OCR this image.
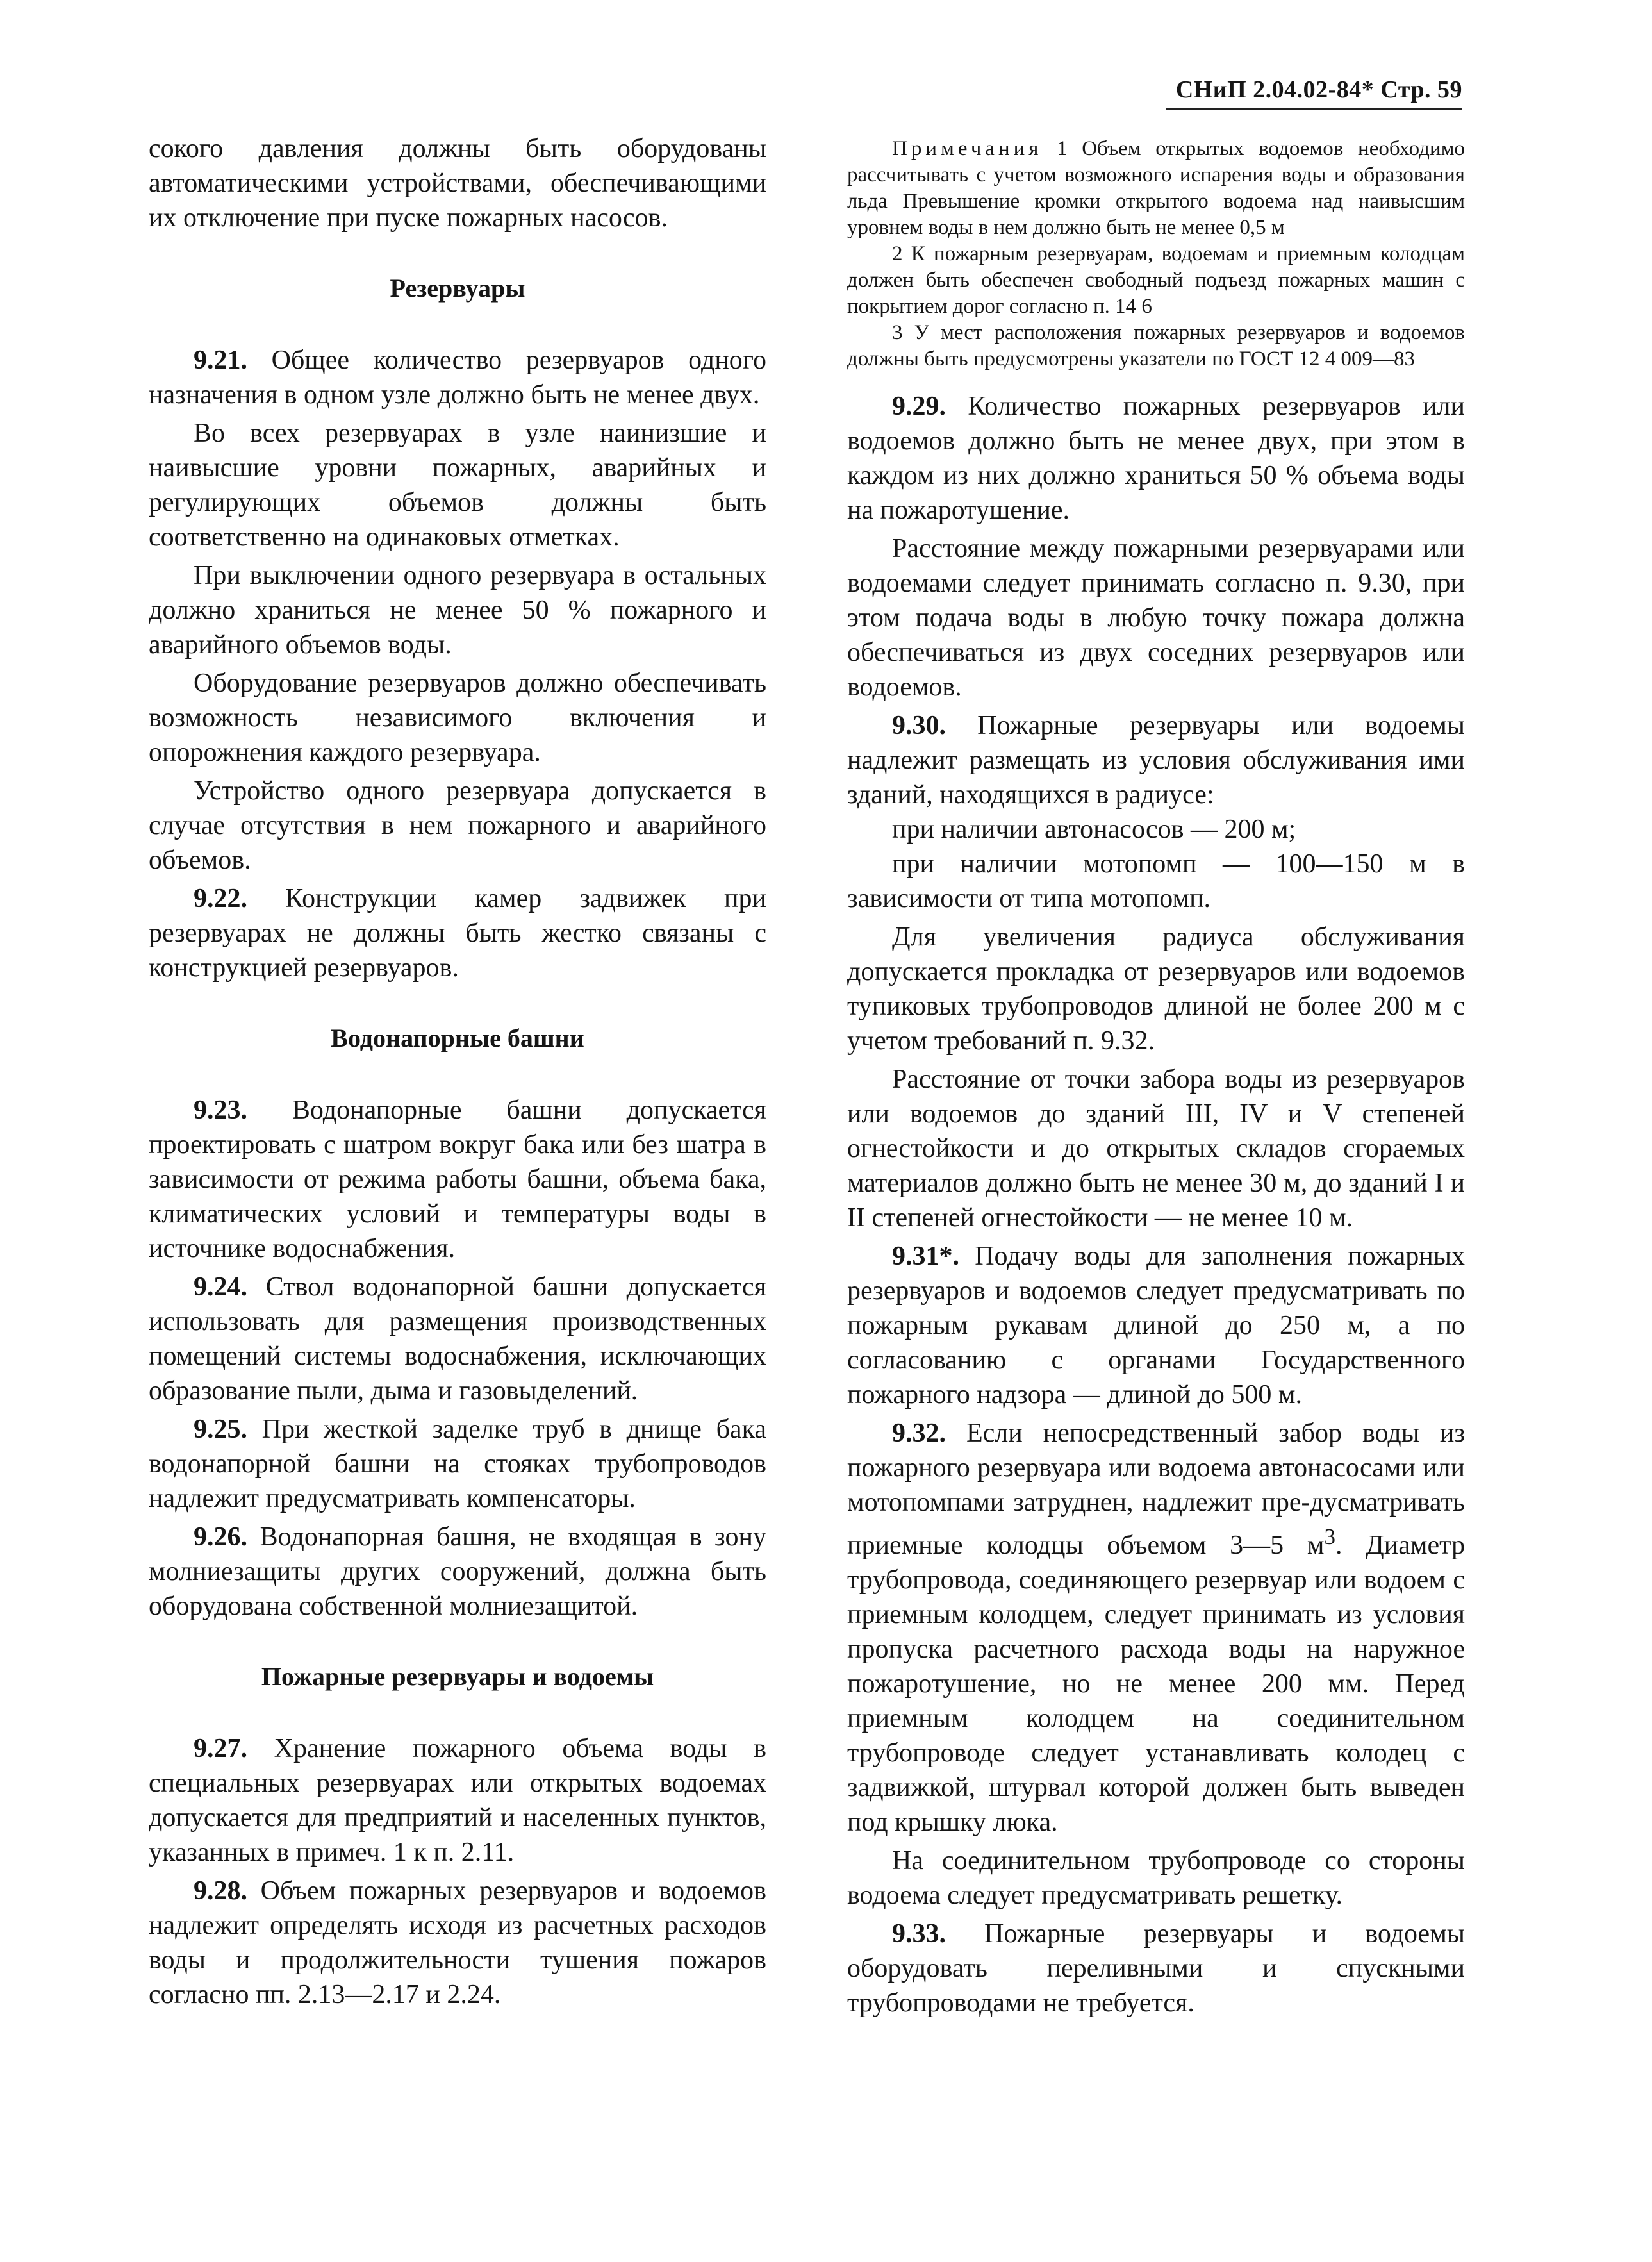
СНиП 2.04.02-84* Стр. 59

сокого давления должны быть оборудованы автоматическими устройствами, обеспечивающими их отключение при пуске пожарных насосов.

Резервуары

9.21. Общее количество резервуаров одного назначения в одном узле должно быть не менее двух.

Во всех резервуарах в узле наинизшие и наивысшие уровни пожарных, аварийных и регулирующих объемов должны быть соответственно на одинаковых отметках.

При выключении одного резервуара в остальных должно храниться не менее 50 % пожарного и аварийного объемов воды.

Оборудование резервуаров должно обеспечивать возможность независимого включения и опорожнения каждого резервуара.

Устройство одного резервуара допускается в случае отсутствия в нем пожарного и аварийного объемов.

9.22. Конструкции камер задвижек при резервуарах не должны быть жестко связаны с конструкцией резервуаров.

Водонапорные башни

9.23. Водонапорные башни допускается проектировать с шатром вокруг бака или без шатра в зависимости от режима работы башни, объема бака, климатических условий и температуры воды в источнике водоснабжения.

9.24. Ствол водонапорной башни допускается использовать для размещения производственных помещений системы водоснабжения, исключающих образование пыли, дыма и газовыделений.

9.25. При жесткой заделке труб в днище бака водонапорной башни на стояках трубопроводов надлежит предусматривать компенсаторы.

9.26. Водонапорная башня, не входящая в зону молниезащиты других сооружений, должна быть оборудована собственной молниезащитой.

Пожарные резервуары и водоемы

9.27. Хранение пожарного объема воды в специальных резервуарах или открытых водоемах допускается для предприятий и населенных пунктов, указанных в примеч. 1 к п. 2.11.

9.28. Объем пожарных резервуаров и водоемов надлежит определять исходя из расчетных расходов воды и продолжительности тушения пожаров согласно пп. 2.13—2.17 и 2.24.

Примечания 1 Объем открытых водоемов необходимо рассчитывать с учетом возможного испарения воды и образования льда Превышение кромки открытого водоема над наивысшим уровнем воды в нем должно быть не менее 0,5 м

2 К пожарным резервуарам, водоемам и приемным колодцам должен быть обеспечен свободный подъезд пожарных машин с покрытием дорог согласно п. 14 6

3 У мест расположения пожарных резервуаров и водоемов должны быть предусмотрены указатели по ГОСТ 12 4 009—83

9.29. Количество пожарных резервуаров или водоемов должно быть не менее двух, при этом в каждом из них должно храниться 50 % объема воды на пожаротушение.

Расстояние между пожарными резервуарами или водоемами следует принимать согласно п. 9.30, при этом подача воды в любую точку пожара должна обеспечиваться из двух соседних резервуаров или водоемов.

9.30. Пожарные резервуары или водоемы надлежит размещать из условия обслуживания ими зданий, находящихся в радиусе:

при наличии автонасосов — 200 м;

при наличии мотопомп — 100—150 м в зависимости от типа мотопомп.

Для увеличения радиуса обслуживания допускается прокладка от резервуаров или водоемов тупиковых трубопроводов длиной не более 200 м с учетом требований п. 9.32.

Расстояние от точки забора воды из резервуаров или водоемов до зданий III, IV и V степеней огнестойкости и до открытых складов сгораемых материалов должно быть не менее 30 м, до зданий I и II степеней огнестойкости — не менее 10 м.

9.31*. Подачу воды для заполнения пожарных резервуаров и водоемов следует предусматривать по пожарным рукавам длиной до 250 м, а по согласованию с органами Государственного пожарного надзора — длиной до 500 м.

9.32. Если непосредственный забор воды из пожарного резервуара или водоема автонасосами или мотопомпами затруднен, надлежит пре-дусматривать приемные колодцы объемом 3—5 $м^3$. Диаметр трубопровода, соединяющего резервуар или водоем с приемным колодцем, следует принимать из условия пропуска расчетного расхода воды на наружное пожаротушение, но не менее 200 мм. Перед приемным колодцем на соединительном трубопроводе следует устанавливать колодец с задвижкой, штурвал которой должен быть выведен под крышку люка.

На соединительном трубопроводе со стороны водоема следует предусматривать решетку.

9.33. Пожарные резервуары и водоемы оборудовать переливными и спускными трубопроводами не требуется.
